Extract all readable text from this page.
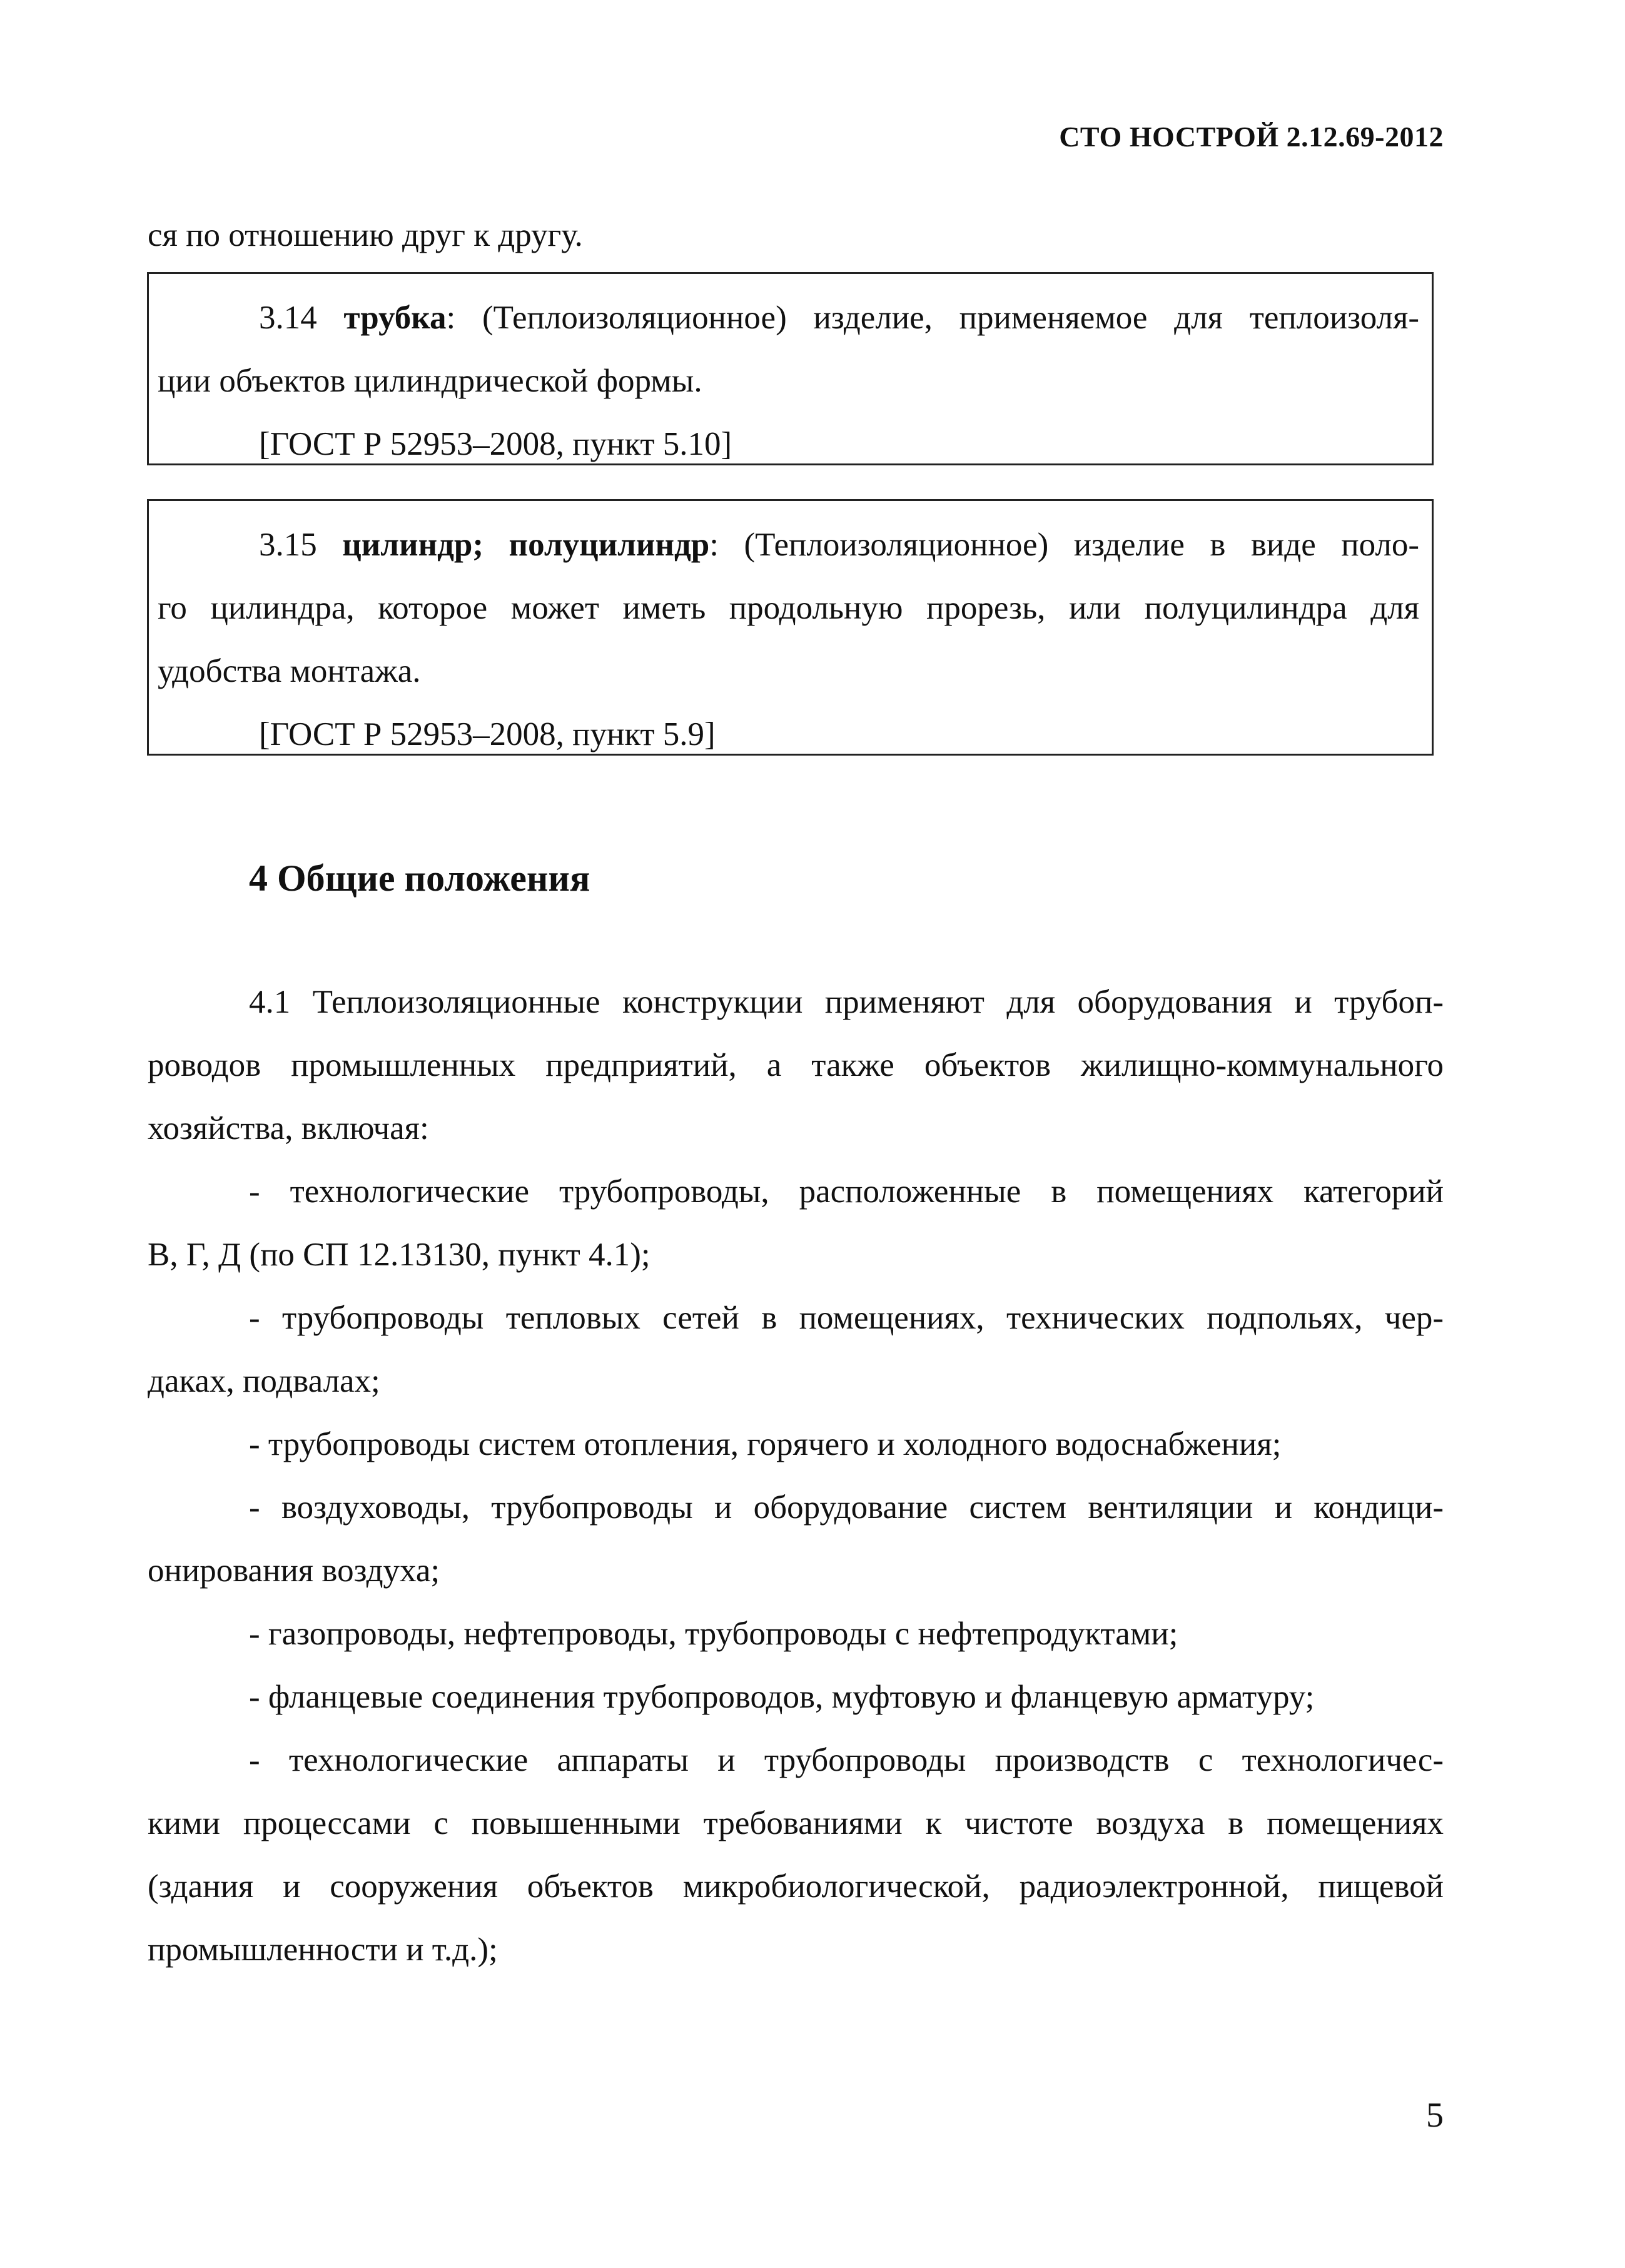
СТО НОСТРОЙ 2.12.69-2012

ся по отношению друг к другу.

3.14 трубка: (Теплоизоляционное) изделие, применяемое для теплоизоля-

ции объектов цилиндрической формы.

[ГОСТ Р 52953–2008, пункт 5.10]

3.15 цилиндр; полуцилиндр: (Теплоизоляционное) изделие в виде поло-

го цилиндра, которое может иметь продольную прорезь, или полуцилиндра для

удобства монтажа.

[ГОСТ Р 52953–2008, пункт 5.9]

4 Общие положения

4.1 Теплоизоляционные конструкции применяют для оборудования и трубоп-

роводов промышленных предприятий, а также объектов жилищно-коммунального

хозяйства, включая:

- технологические трубопроводы, расположенные в помещениях категорий

В, Г, Д (по СП 12.13130, пункт 4.1);

- трубопроводы тепловых сетей в помещениях, технических подпольях, чер-

даках, подвалах;

- трубопроводы систем отопления, горячего и холодного водоснабжения;

- воздуховоды, трубопроводы и оборудование систем вентиляции и кондици-

онирования воздуха;

- газопроводы, нефтепроводы, трубопроводы с нефтепродуктами;

- фланцевые соединения трубопроводов, муфтовую и фланцевую арматуру;

- технологические аппараты и трубопроводы производств с технологичес-

кими процессами с повышенными требованиями к чистоте воздуха в помещениях

(здания и сооружения объектов микробиологической, радиоэлектронной, пищевой

промышленности и т.д.);

5
